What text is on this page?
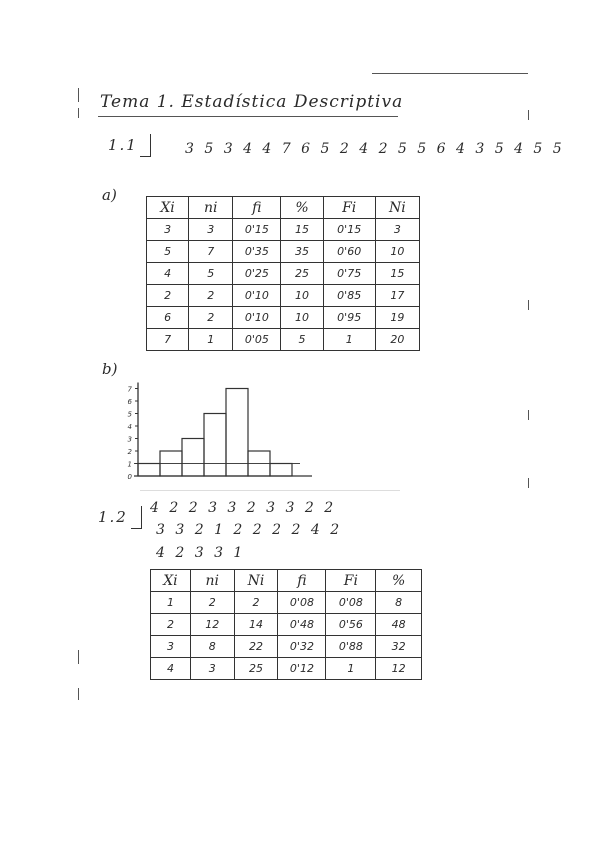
Tema 1. Estadística Descriptiva
1.1	3 5 3 4 4 7 6 5 2 4 2 5 5 6 4 3 5 4 5 5
a)
Xi	ni	fi	%	Fi	Ni
3	3	0'15	15	0'15	3
5	7	0'35	35	0'60	10
4	5	0'25	25	0'75	15
2	2	0'10	10	0'85	17
6	2	0'10	10	0'95	19
7	1	0'05	5	1	20
b)
0
1
2
3
4
5
6
7
1.2 4 2 2 3 3 2 3 3 2 2
3 3 2 1 2 2 2 2 4 2
4 2 3 3 1
Xi	ni	Ni	fi	Fi	%
1	2	2	0'08	0'08	8
2	12	14	0'48	0'56	48
3	8	22	0'32	0'88	32
4	3	25	0'12	1	12
